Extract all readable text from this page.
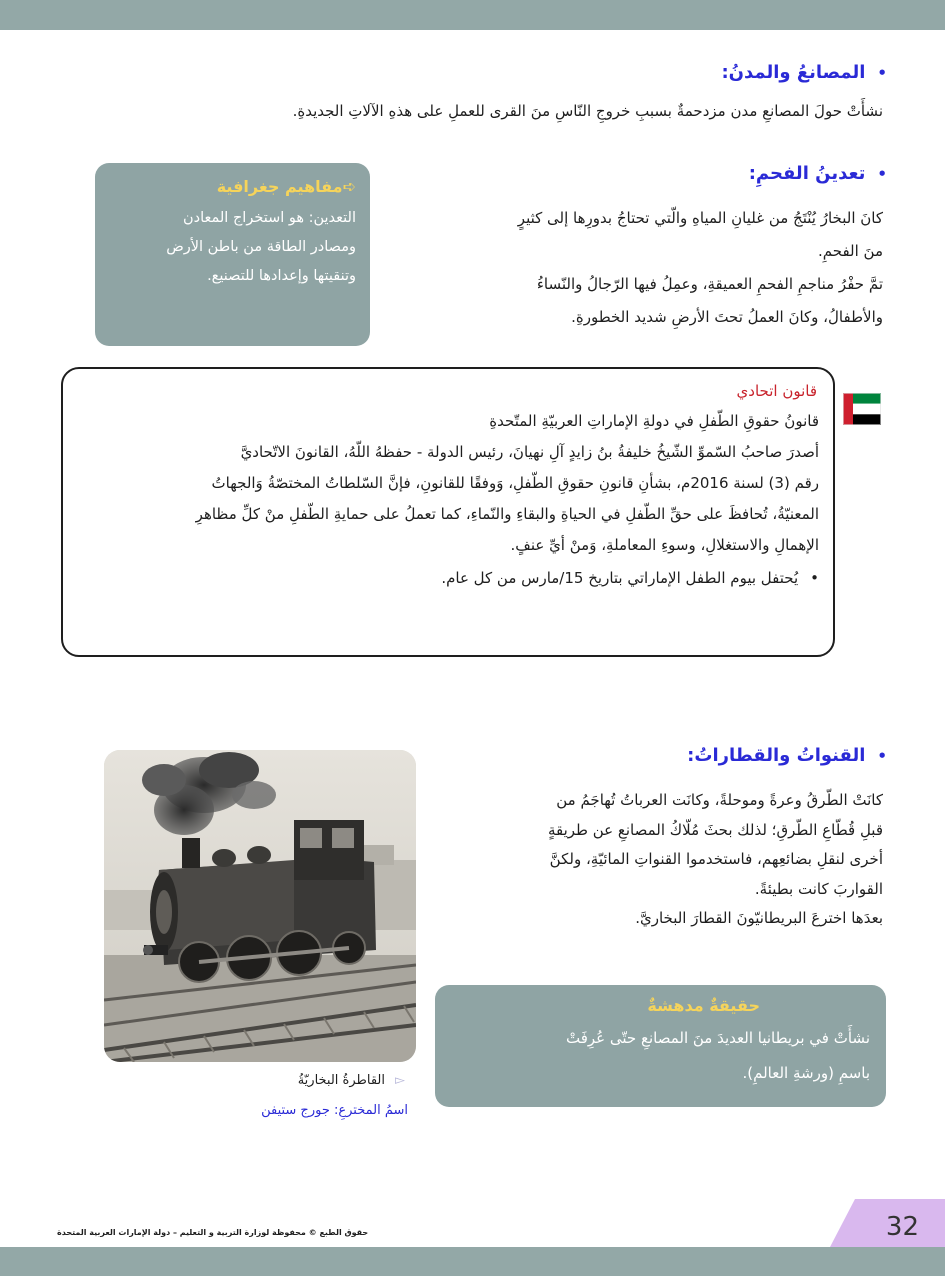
•المصانعُ والمدنُ:
نشأَتْ حولَ المصانعِ مدن مزدحمةٌ بسببِ خروجِ النّاسِ منَ القرى للعملِ على هذهِ الآلاتِ الجديدةِ.
•تعدينُ الفحمِ:
كانَ البخارُ يُنْتَجُ من غليانِ المياهِ والّتي تحتاجُ بدورِها إلى كثيرٍ
منَ الفحمِ.
تمَّ حفْرُ مناجمِ الفحمِ العميقةِ، وعمِلُ فيها الرّجالُ والنّساءُ
والأطفالُ، وكانَ العملُ تحتَ الأرضِ شديد الخطورةِ.
➪مفاهيم جغرافية
التعدين: هو استخراج المعادن
ومصادر الطاقة من باطن الأرض
وتنقيتها وإعدادها للتصنيع.
قانون اتحادي
قانونُ حقوقِ الطّفلِ في دولةِ الإماراتِ العربيّةِ المتّحدةِ
أصدرَ صاحبُ السّموِّ الشّيخُ خليفةُ بنُ زايدٍ آلِ نهيانَ، رئيس الدولة - حفظهُ اللّهُ، القانونَ الاتّحاديَّ
رقم (3) لسنة 2016م، بشأنِ قانونِ حقوقِ الطّفلِ، وَوفقًا للقانونِ، فإنَّ السّلطاتُ المختصّةُ وَالجهاتُ
المعنيّةُ، تُحافظَ على حقِّ الطّفلِ في الحياةِ والبقاءِ والنّماءِ، كما تعملُ على حمايةِ الطّفلِ منْ كلِّ مظاهرِ
الإهمالِ والاستغلالِ، وسوءِ المعاملةِ، وَمنْ أيِّ عنفٍ.
•يُحتفل بيوم الطفل الإماراتي بتاريخ 15/مارس من كل عام.
•القنواتُ والقطاراتُ:
كانَتْ الطّرقُ وعرةً وموحلةً، وكانَت العرباتُ تُهاجَمُ من
قبلِ قُطّاعِ الطّرقِ؛ لذلك بحثَ مُلّاكُ المصانعِ عن طريقةٍ
أخرى لنقلِ بضائعِهم، فاستخدموا القنواتِ المائيّةِ، ولكنَّ
القواربَ كانت بطيئةً.
بعدَها اخترعَ البريطانيّونَ القطارَ البخاريَّ.
▻القاطرةُ البخاريّةُ
اسمُ المخترعِ: جورج ستيفن
حقيقةٌ مدهشةٌ
نشأَتْ في بريطانيا العديدَ منَ المصانعِ حتّى عُرِفَتْ
باسمِ (ورشةِ العالمِ).
32
حقوق الطبع © محفوظة لوزارة التربية و التعليم – دولة الإمارات العربية المتحدة
